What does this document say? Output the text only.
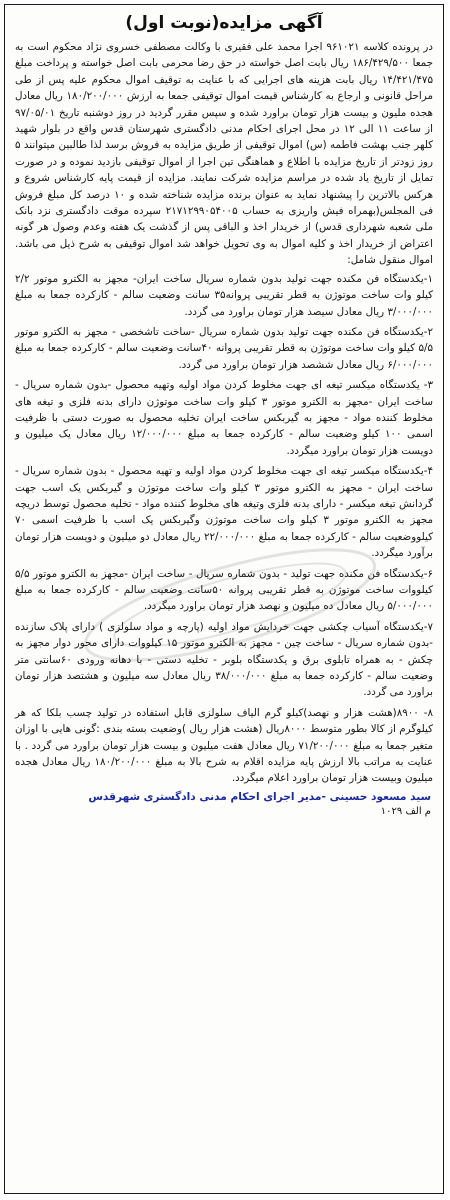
آگهی مزایده(نوبت اول)

در پرونده کلاسه ۹۶۱۰۲۱ اجرا محمد علی فقیری با وکالت مصطفی خسروی نژاد محکوم است به جمعا ۱۸۶/۴۲۹/۵۰۰ ریال بابت اصل خواسته در حق رضا محرمی بابت اصل خواسته و پرداخت مبلغ ۱۴/۴۲۱/۴۷۵ ریال بابت هزینه های اجرایی که با عنایت به توقیف اموال محکوم علیه پس از طی مراحل قانونی و ارجاع به کارشناس قیمت اموال توقیفی جمعا به ارزش ۱۸۰/۲۰۰/۰۰۰ ریال معادل هجده ملیون و بیست هزار تومان براورد شده و سپس مقرر گردید در روز دوشنبه تاریخ ۹۷/۰۵/۰۱ از ساعت ۱۱ الی ۱۲ در محل اجرای احکام مدنی دادگستری شهرستان قدس واقع در بلوار شهید کلهر جنب بهشت فاطمه (س) اموال توقیفی از طریق مزایده به فروش برسد لذا طالبین میتوانند ۵ روز زودتر از تاریخ مزایده با اطلاع و هماهنگی تین اجرا از اموال توقیفی بازدید نموده و در صورت تمایل از تاریخ یاد شده در مراسم مزایده شرکت نمایند. مزایده از قیمت پایه کارشناس شروع و هرکس بالاترین را پیشنهاد نماید به عنوان برنده مزایده شناخته شده و ۱۰ درصد کل مبلغ فروش فی المجلس(بهمراه فیش واریزی به حساب ۲۱۷۱۲۹۹۰۵۴۰۰۵ سپرده موقت دادگستری نزد بانک ملی شعبه شهرداری قدس) از خریدار اخذ و الباقی پس از گذشت یک هفته وعدم وصول هر گونه اعتراض از خریدار اخذ و کلیه اموال به وی تحویل خواهد شد اموال توقیفی به شرح ذیل می باشد. اموال منقول شامل:

۱-یکدستگاه فن مکنده جهت تولید بدون شماره سریال ساخت ایران- مجهز به الکترو موتور ۲/۲ کیلو وات ساخت موتوژن به قطر تقریبی پروانه۳۵ سانت وضعیت سالم - کارکرده جمعا به مبلغ ۳/۰۰۰/۰۰۰ ریال معادل سیصد هزار تومان براورد می گردد.
۲-یکدستگاه فن مکنده جهت تولید بدون شماره سریال -ساخت تاشخصی - مجهز به الکترو موتور ۵/۵ کیلو وات ساخت موتوژن به قطر تقریبی پروانه ۴۰سانت وضعیت سالم - کارکرده جمعا به مبلغ ۶/۰۰۰/۰۰۰ ریال معادل ششصد هزار تومان براورد می گردد.
۳- یکدستگاه میکسر تیغه ای جهت مخلوط کردن مواد اولیه وتهیه محصول -بدون شماره سریال - ساخت ایران -مجهز به الکترو موتور ۳ کیلو وات ساخت موتوژن دارای بدنه فلزی و تیغه های مخلوط کننده مواد - مجهز به گیربکس ساخت ایران تخلیه محصول به صورت دستی با ظرفیت اسمی ۱۰۰ کیلو وضعیت سالم - کارکرده جمعا به مبلغ ۱۲/۰۰۰/۰۰۰ ریال معادل یک میلیون و دویست هزار تومان براورد میگردد.
۴-یکدستگاه میکسر تیغه ای جهت مخلوط کردن مواد اولیه و تهیه محصول - بدون شماره سریال - ساخت ایران - مجهز به الکترو موتور ۳ کیلو وات ساخت موتوژن و گیربکس یک اسب جهت گردانش تیغه میکسر - دارای بدنه فلزی وتیغه های مخلوط کننده مواد - تخلیه محصول توسط دریچه مجهز به الکترو موتور ۳ کیلو وات ساخت موتوژن وگیربکس یک اسب با ظرفیت اسمی ۷۰ کیلووضعیت سالم - کارکرده جمعا به مبلغ ۲۲/۰۰۰/۰۰۰ ریال معادل دو میلیون و دویست هزار تومان برآورد میگردد.
۶-یکدستگاه فن مکنده جهت تولید - بدون شماره سریال - ساخت ایران -مجهز به الکترو موتور ۵/۵ کیلووات ساخت موتوژن به قطر تقریبی پروانه ۵۰سانت وضعیت سالم - کارکرده جمعا به مبلغ ۵/۰۰۰/۰۰۰ ریال معادل ده میلیون و نهصد هزار تومان براورد میگردد.
۷-یکدستگاه آسیاب چکشی جهت خردایش مواد اولیه (پارچه و مواد سلولزی ) دارای پلاک سازنده -بدون شماره سریال - ساخت چین - مجهز به الکترو موتور ۱۵ کیلووات دارای محور دوار مجهز به چکش - به همراه تابلوی برق و یکدستگاه بلوبر - تخلیه دستی - با دهانه ورودی ۶۰سانتی متر وضعیت سالم - کارکرده جمعا به مبلغ ۳۸/۰۰۰/۰۰۰ ریال معادل سه میلیون و هشتصد هزار تومان براورد می گردد.
۸- ۸۹۰۰(هشت هزار و نهصد)کیلو گرم الیاف سلولزی قابل استفاده در تولید چسب بلکا که هر کیلوگرم از کالا بطور متوسط ۸۰۰۰ریال (هشت هزار ریال )وضعیت بسته بندی :گونی هایی با اوزان متغیر جمعا به مبلغ ۷۱/۲۰۰/۰۰۰ ریال معادل هفت میلیون و بیست هزار تومان براورد می گردد . با عنایت به مراتب بالا ارزش پایه مزایده اقلام به شرح بالا به مبلغ ۱۸۰/۲۰۰/۰۰۰ ریال معادل هجده میلیون وبیست هزار تومان براورد اعلام میگردد.
سید مسعود حسینی -مدیر اجرای احکام مدنی دادگستری شهرقدس
م الف ۱۰۲۹
